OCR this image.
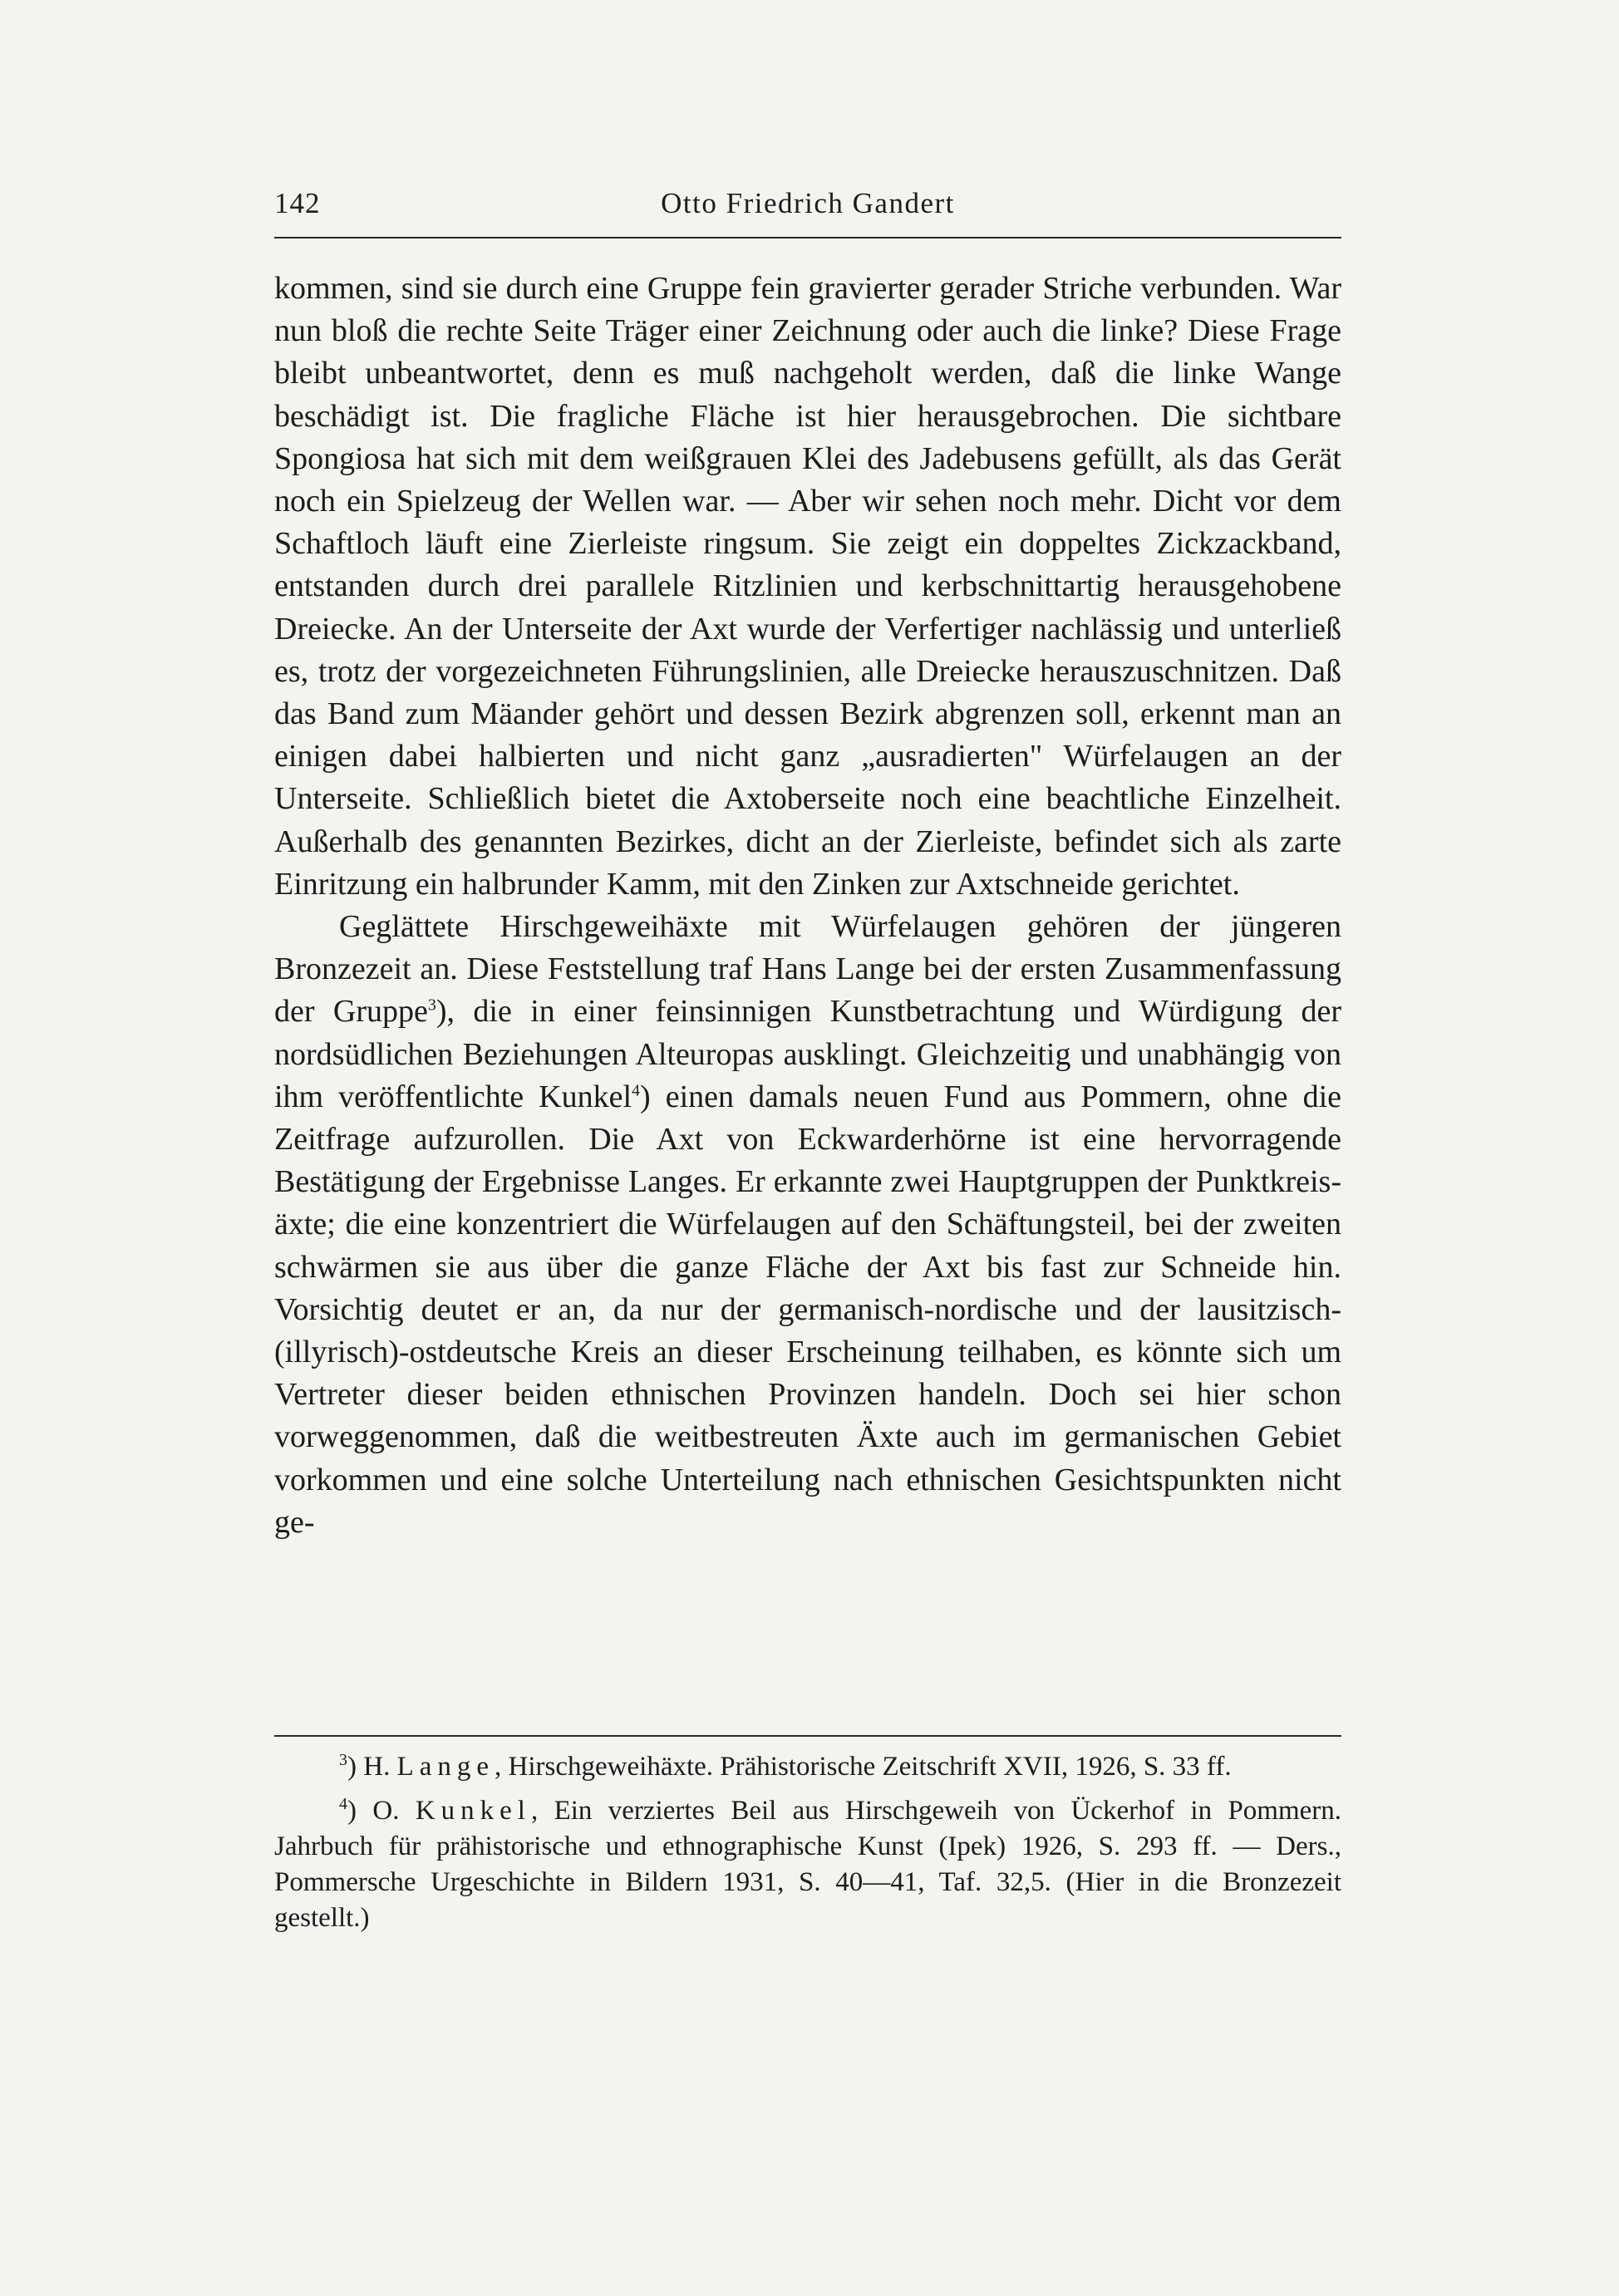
142	Otto Friedrich Gandert

kommen, sind sie durch eine Gruppe fein gravierter gerader Striche verbunden. War nun bloß die rechte Seite Träger einer Zeichnung oder auch die linke? Diese Frage bleibt unbeantwortet, denn es muß nachgeholt werden, daß die linke Wange beschädigt ist. Die fragliche Fläche ist hier herausgebrochen. Die sichtbare Spongiosa hat sich mit dem weißgrauen Klei des Jadebusens gefüllt, als das Gerät noch ein Spielzeug der Wellen war. — Aber wir sehen noch mehr. Dicht vor dem Schaftloch läuft eine Zierleiste ringsum. Sie zeigt ein doppeltes Zickzackband, entstanden durch drei parallele Ritzlinien und kerbschnittartig herausgehobene Dreiecke. An der Unterseite der Axt wurde der Verfertiger nachlässig und unterließ es, trotz der vorgezeichneten Führungslinien, alle Dreiecke herauszuschnitzen. Daß das Band zum Mäander gehört und dessen Bezirk abgrenzen soll, erkennt man an einigen dabei halbierten und nicht ganz „ausradierten" Würfelaugen an der Unterseite. Schließlich bietet die Axtoberseite noch eine beachtliche Einzelheit. Außerhalb des genannten Bezirkes, dicht an der Zierleiste, befindet sich als zarte Einritzung ein halbrunder Kamm, mit den Zinken zur Axtschneide gerichtet.

Geglättete Hirschgeweihäxte mit Würfelaugen gehören der jüngeren Bronzezeit an. Diese Feststellung traf Hans Lange bei der ersten Zusammenfassung der Gruppe$^3$), die in einer feinsinnigen Kunstbetrachtung und Würdigung der nordsüdlichen Beziehungen Alteuropas ausklingt. Gleichzeitig und unabhängig von ihm veröffentlichte Kunkel$^4$) einen damals neuen Fund aus Pommern, ohne die Zeitfrage aufzurollen. Die Axt von Eckwarderhörne ist eine hervorragende Bestätigung der Ergebnisse Langes. Er erkannte zwei Hauptgruppen der Punktkreisäxte; die eine konzentriert die Würfelaugen auf den Schäftungsteil, bei der zweiten schwärmen sie aus über die ganze Fläche der Axt bis fast zur Schneide hin. Vorsichtig deutet er an, da nur der germanisch-nordische und der lausitzisch-(illyrisch)-ostdeutsche Kreis an dieser Erscheinung teilhaben, es könnte sich um Vertreter dieser beiden ethnischen Provinzen handeln. Doch sei hier schon vorweggenommen, daß die weitbestreuten Äxte auch im germanischen Gebiet vorkommen und eine solche Unterteilung nach ethnischen Gesichtspunkten nicht ge-

$^3$) H. Lange, Hirschgeweihäxte. Prähistorische Zeitschrift XVII, 1926, S. 33 ff.

$^4$) O. Kunkel, Ein verziertes Beil aus Hirschgeweih von Ückerhof in Pommern. Jahrbuch für prähistorische und ethnographische Kunst (Ipek) 1926, S. 293 ff. — Ders., Pommersche Urgeschichte in Bildern 1931, S. 40—41, Taf. 32,5. (Hier in die Bronzezeit gestellt.)
